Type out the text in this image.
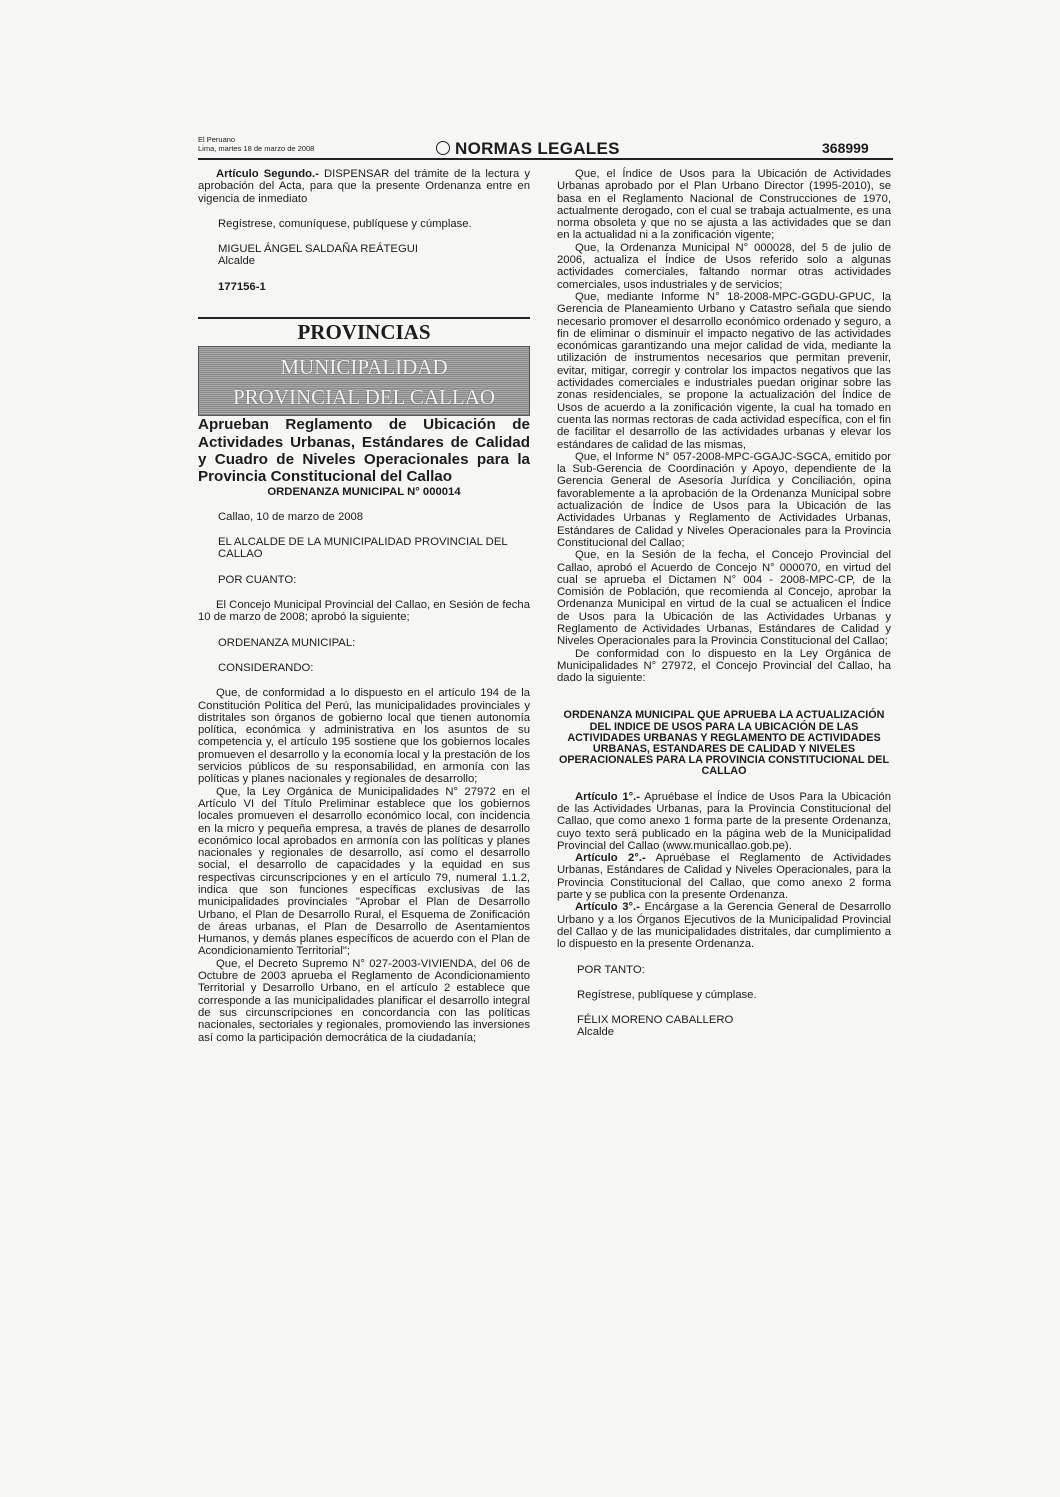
El Peruano
Lima, martes 18 de marzo de 2008	NORMAS LEGALES	368999

Artículo Segundo.- DISPENSAR del trámite de la lectura y aprobación del Acta, para que la presente Ordenanza entre en vigencia de inmediato

Regístrese, comuníquese, publíquese y cúmplase.

MIGUEL ÁNGEL SALDAÑA REÁTEGUI

Alcalde

177156-1

PROVINCIAS
MUNICIPALIDAD
PROVINCIAL DEL CALLAO

Aprueban Reglamento de Ubicación de Actividades Urbanas, Estándares de Calidad y Cuadro de Niveles Operacionales para la Provincia Constitucional del Callao

ORDENANZA MUNICIPAL N° 000014

Callao, 10 de marzo de 2008

EL ALCALDE DE LA MUNICIPALIDAD PROVINCIAL DEL CALLAO

POR CUANTO:

El Concejo Municipal Provincial del Callao, en Sesión de fecha 10 de marzo de 2008; aprobó la siguiente;

ORDENANZA MUNICIPAL:

CONSIDERANDO:

Que, de conformidad a lo dispuesto en el artículo 194 de la Constitución Política del Perú, las municipalidades provinciales y distritales son órganos de gobierno local que tienen autonomía política, económica y administrativa en los asuntos de su competencia y, el artículo 195 sostiene que los gobiernos locales promueven el desarrollo y la economía local y la prestación de los servicios públicos de su responsabilidad, en armonía con las políticas y planes nacionales y regionales de desarrollo;

Que, la Ley Orgánica de Municipalidades N° 27972 en el Artículo VI del Título Preliminar establece que los gobiernos locales promueven el desarrollo económico local, con incidencia en la micro y pequeña empresa, a través de planes de desarrollo económico local aprobados en armonía con las políticas y planes nacionales y regionales de desarrollo, así como el desarrollo social, el desarrollo de capacidades y la equidad en sus respectivas circunscripciones y en el artículo 79, numeral 1.1.2, indica que son funciones específicas exclusivas de las municipalidades provinciales "Aprobar el Plan de Desarrollo Urbano, el Plan de Desarrollo Rural, el Esquema de Zonificación de áreas urbanas, el Plan de Desarrollo de Asentamientos Humanos, y demás planes específicos de acuerdo con el Plan de Acondicionamiento Territorial";

Que, el Decreto Supremo N° 027-2003-VIVIENDA, del 06 de Octubre de 2003 aprueba el Reglamento de Acondicionamiento Territorial y Desarrollo Urbano, en el artículo 2 establece que corresponde a las municipalidades planificar el desarrollo integral de sus circunscripciones en concordancia con las políticas nacionales, sectoriales y regionales, promoviendo las inversiones así como la participación democrática de la ciudadanía;

Que, el Índice de Usos para la Ubicación de Actividades Urbanas aprobado por el Plan Urbano Director (1995-2010), se basa en el Reglamento Nacional de Construcciones de 1970, actualmente derogado, con el cual se trabaja actualmente, es una norma obsoleta y que no se ajusta a las actividades que se dan en la actualidad ni a la zonificación vigente;

Que, la Ordenanza Municipal N° 000028, del 5 de julio de 2006, actualiza el Índice de Usos referido solo a algunas actividades comerciales, faltando normar otras actividades comerciales, usos industriales y de servicios;

Que, mediante Informe N° 18-2008-MPC-GGDU-GPUC, la Gerencia de Planeamiento Urbano y Catastro señala que siendo necesario promover el desarrollo económico ordenado y seguro, a fin de eliminar o disminuir el impacto negativo de las actividades económicas garantizando una mejor calidad de vida, mediante la utilización de instrumentos necesarios que permitan prevenir, evitar, mitigar, corregir y controlar los impactos negativos que las actividades comerciales e industriales puedan originar sobre las zonas residenciales, se propone la actualización del Índice de Usos de acuerdo a la zonificación vigente, la cual ha tomado en cuenta las normas rectoras de cada actividad específica, con el fin de facilitar el desarrollo de las actividades urbanas y elevar los estándares de calidad de las mismas,

Que, el Informe N° 057-2008-MPC-GGAJC-SGCA, emitido por la Sub-Gerencia de Coordinación y Apoyo, dependiente de la Gerencia General de Asesoría Jurídica y Conciliación, opina favorablemente a la aprobación de la Ordenanza Municipal sobre actualización de Índice de Usos para la Ubicación de las Actividades Urbanas y Reglamento de Actividades Urbanas, Estándares de Calidad y Niveles Operacionales para la Provincia Constitucional del Callao;

Que, en la Sesión de la fecha, el Concejo Provincial del Callao, aprobó el Acuerdo de Concejo N° 000070, en virtud del cual se aprueba el Dictamen N° 004 - 2008-MPC-CP, de la Comisión de Población, que recomienda al Concejo, aprobar la Ordenanza Municipal en virtud de la cual se actualicen el Índice de Usos para la Ubicación de las Actividades Urbanas y Reglamento de Actividades Urbanas, Estándares de Calidad y Niveles Operacionales para la Provincia Constitucional del Callao;

De conformidad con lo dispuesto en la Ley Orgánica de Municipalidades N° 27972, el Concejo Provincial del Callao, ha dado la siguiente:

ORDENANZA MUNICIPAL QUE APRUEBA LA ACTUALIZACIÓN DEL INDICE DE USOS PARA LA UBICACIÓN DE LAS ACTIVIDADES URBANAS Y REGLAMENTO DE ACTIVIDADES URBANAS, ESTANDARES DE CALIDAD Y NIVELES OPERACIONALES PARA LA PROVINCIA CONSTITUCIONAL DEL CALLAO

Artículo 1°.- Apruébase el Índice de Usos Para la Ubicación de las Actividades Urbanas, para la Provincia Constitucional del Callao, que como anexo 1 forma parte de la presente Ordenanza, cuyo texto será publicado en la página web de la Municipalidad Provincial del Callao (www.municallao.gob.pe).

Artículo 2°.- Apruébase el Reglamento de Actividades Urbanas, Estándares de Calidad y Niveles Operacionales, para la Provincia Constitucional del Callao, que como anexo 2 forma parte y se publica con la presente Ordenanza.

Artículo 3°.- Encárgase a la Gerencia General de Desarrollo Urbano y a los Órganos Ejecutivos de la Municipalidad Provincial del Callao y de las municipalidades distritales, dar cumplimiento a lo dispuesto en la presente Ordenanza.

POR TANTO:

Regístrese, publíquese y cúmplase.

FÉLIX MORENO CABALLERO

Alcalde
